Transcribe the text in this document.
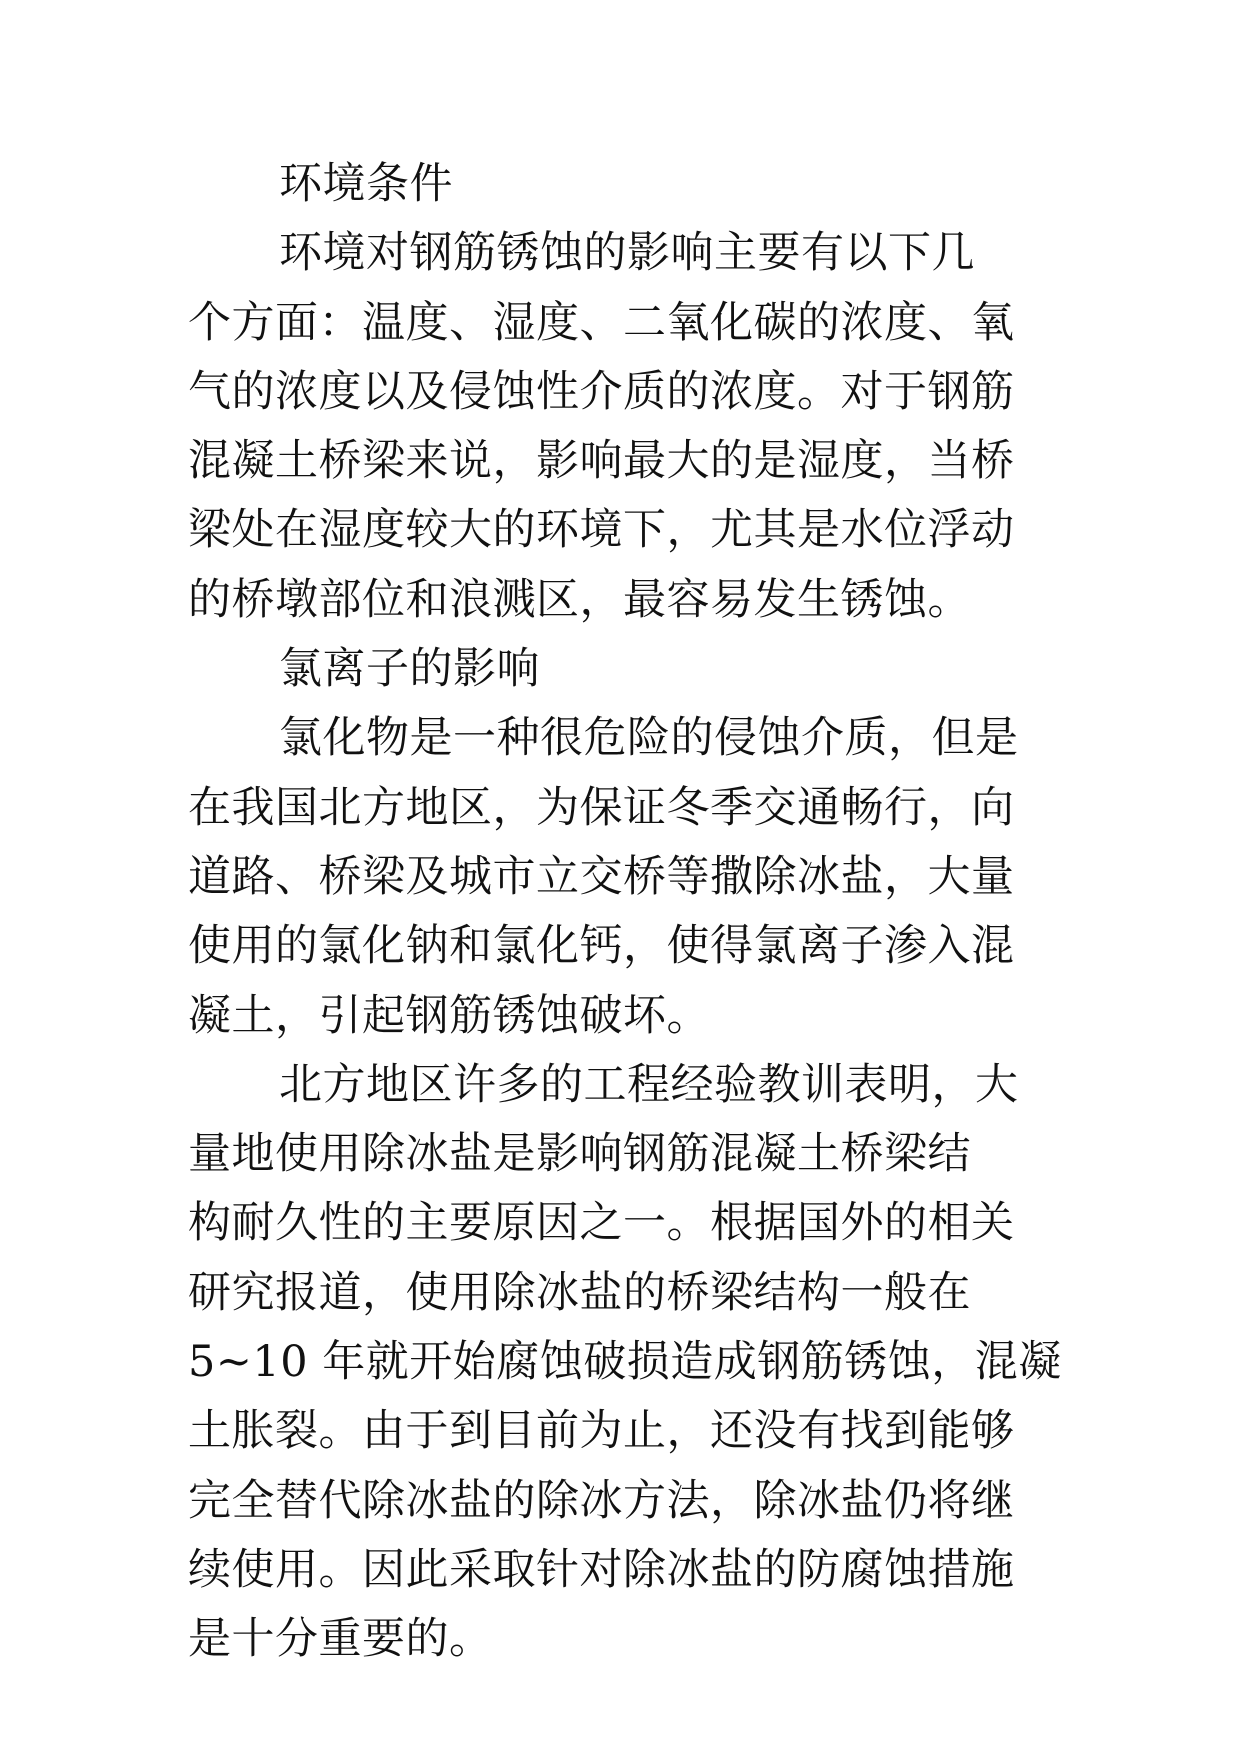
环境条件
环境对钢筋锈蚀的影响主要有以下几
个方面：温度、湿度、二氧化碳的浓度、氧
气的浓度以及侵蚀性介质的浓度。对于钢筋
混凝土桥梁来说，影响最大的是湿度，当桥
梁处在湿度较大的环境下，尤其是水位浮动
的桥墩部位和浪溅区，最容易发生锈蚀。
氯离子的影响
氯化物是一种很危险的侵蚀介质，但是
在我国北方地区，为保证冬季交通畅行，向
道路、桥梁及城市立交桥等撒除冰盐，大量
使用的氯化钠和氯化钙，使得氯离子渗入混
凝土，引起钢筋锈蚀破坏。
北方地区许多的工程经验教训表明，大
量地使用除冰盐是影响钢筋混凝土桥梁结
构耐久性的主要原因之一。根据国外的相关
研究报道，使用除冰盐的桥梁结构一般在
5~10 年就开始腐蚀破损造成钢筋锈蚀，混凝
土胀裂。由于到目前为止，还没有找到能够
完全替代除冰盐的除冰方法，除冰盐仍将继
续使用。因此采取针对除冰盐的防腐蚀措施
是十分重要的。
